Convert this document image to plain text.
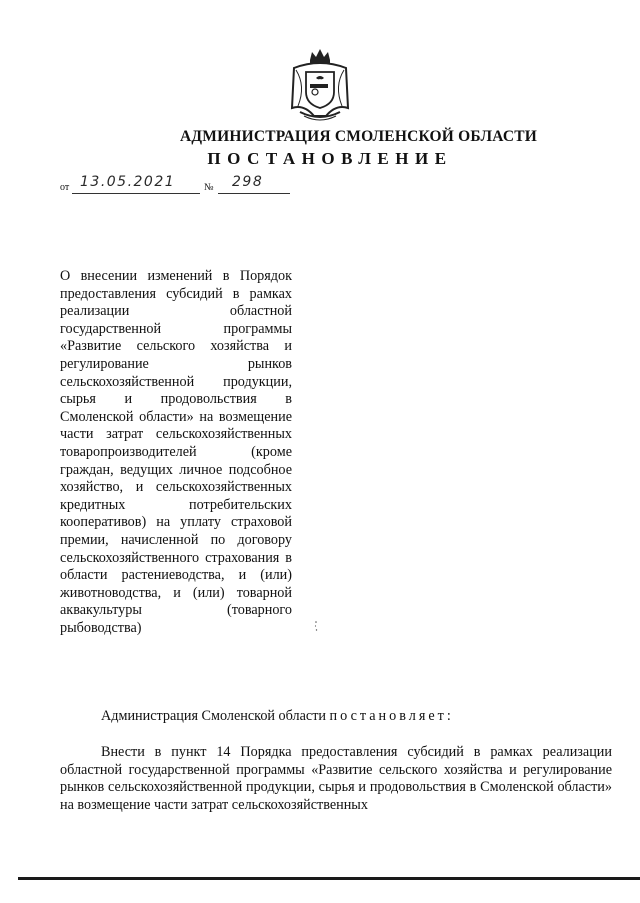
АДМИНИСТРАЦИЯ СМОЛЕНСКОЙ ОБЛАСТИ
ПОСТАНОВЛЕНИЕ
от 13.05.2021	№ 298
О внесении изменений в Порядок предоставления субсидий в рамках реализации областной государственной программы «Развитие сельского хозяйства и регулирование рынков сельскохозяйственной продукции, сырья и продовольствия в Смоленской области» на возмещение части затрат сельскохозяйственных товаропроизводителей (кроме граждан, ведущих личное подсобное хозяйство, и сельскохозяйственных кредитных потребительских кооперативов) на уплату страховой премии, начисленной по договору сельскохозяйственного страхования в области растениеводства, и (или) животноводства, и (или) товарной аквакультуры (товарного рыбоводства)
Администрация Смоленской области постановляет:
Внести в пункт 14 Порядка предоставления субсидий в рамках реализации областной государственной программы «Развитие сельского хозяйства и регулирование рынков сельскохозяйственной продукции, сырья и продовольствия в Смоленской области» на возмещение части затрат сельскохозяйственных
